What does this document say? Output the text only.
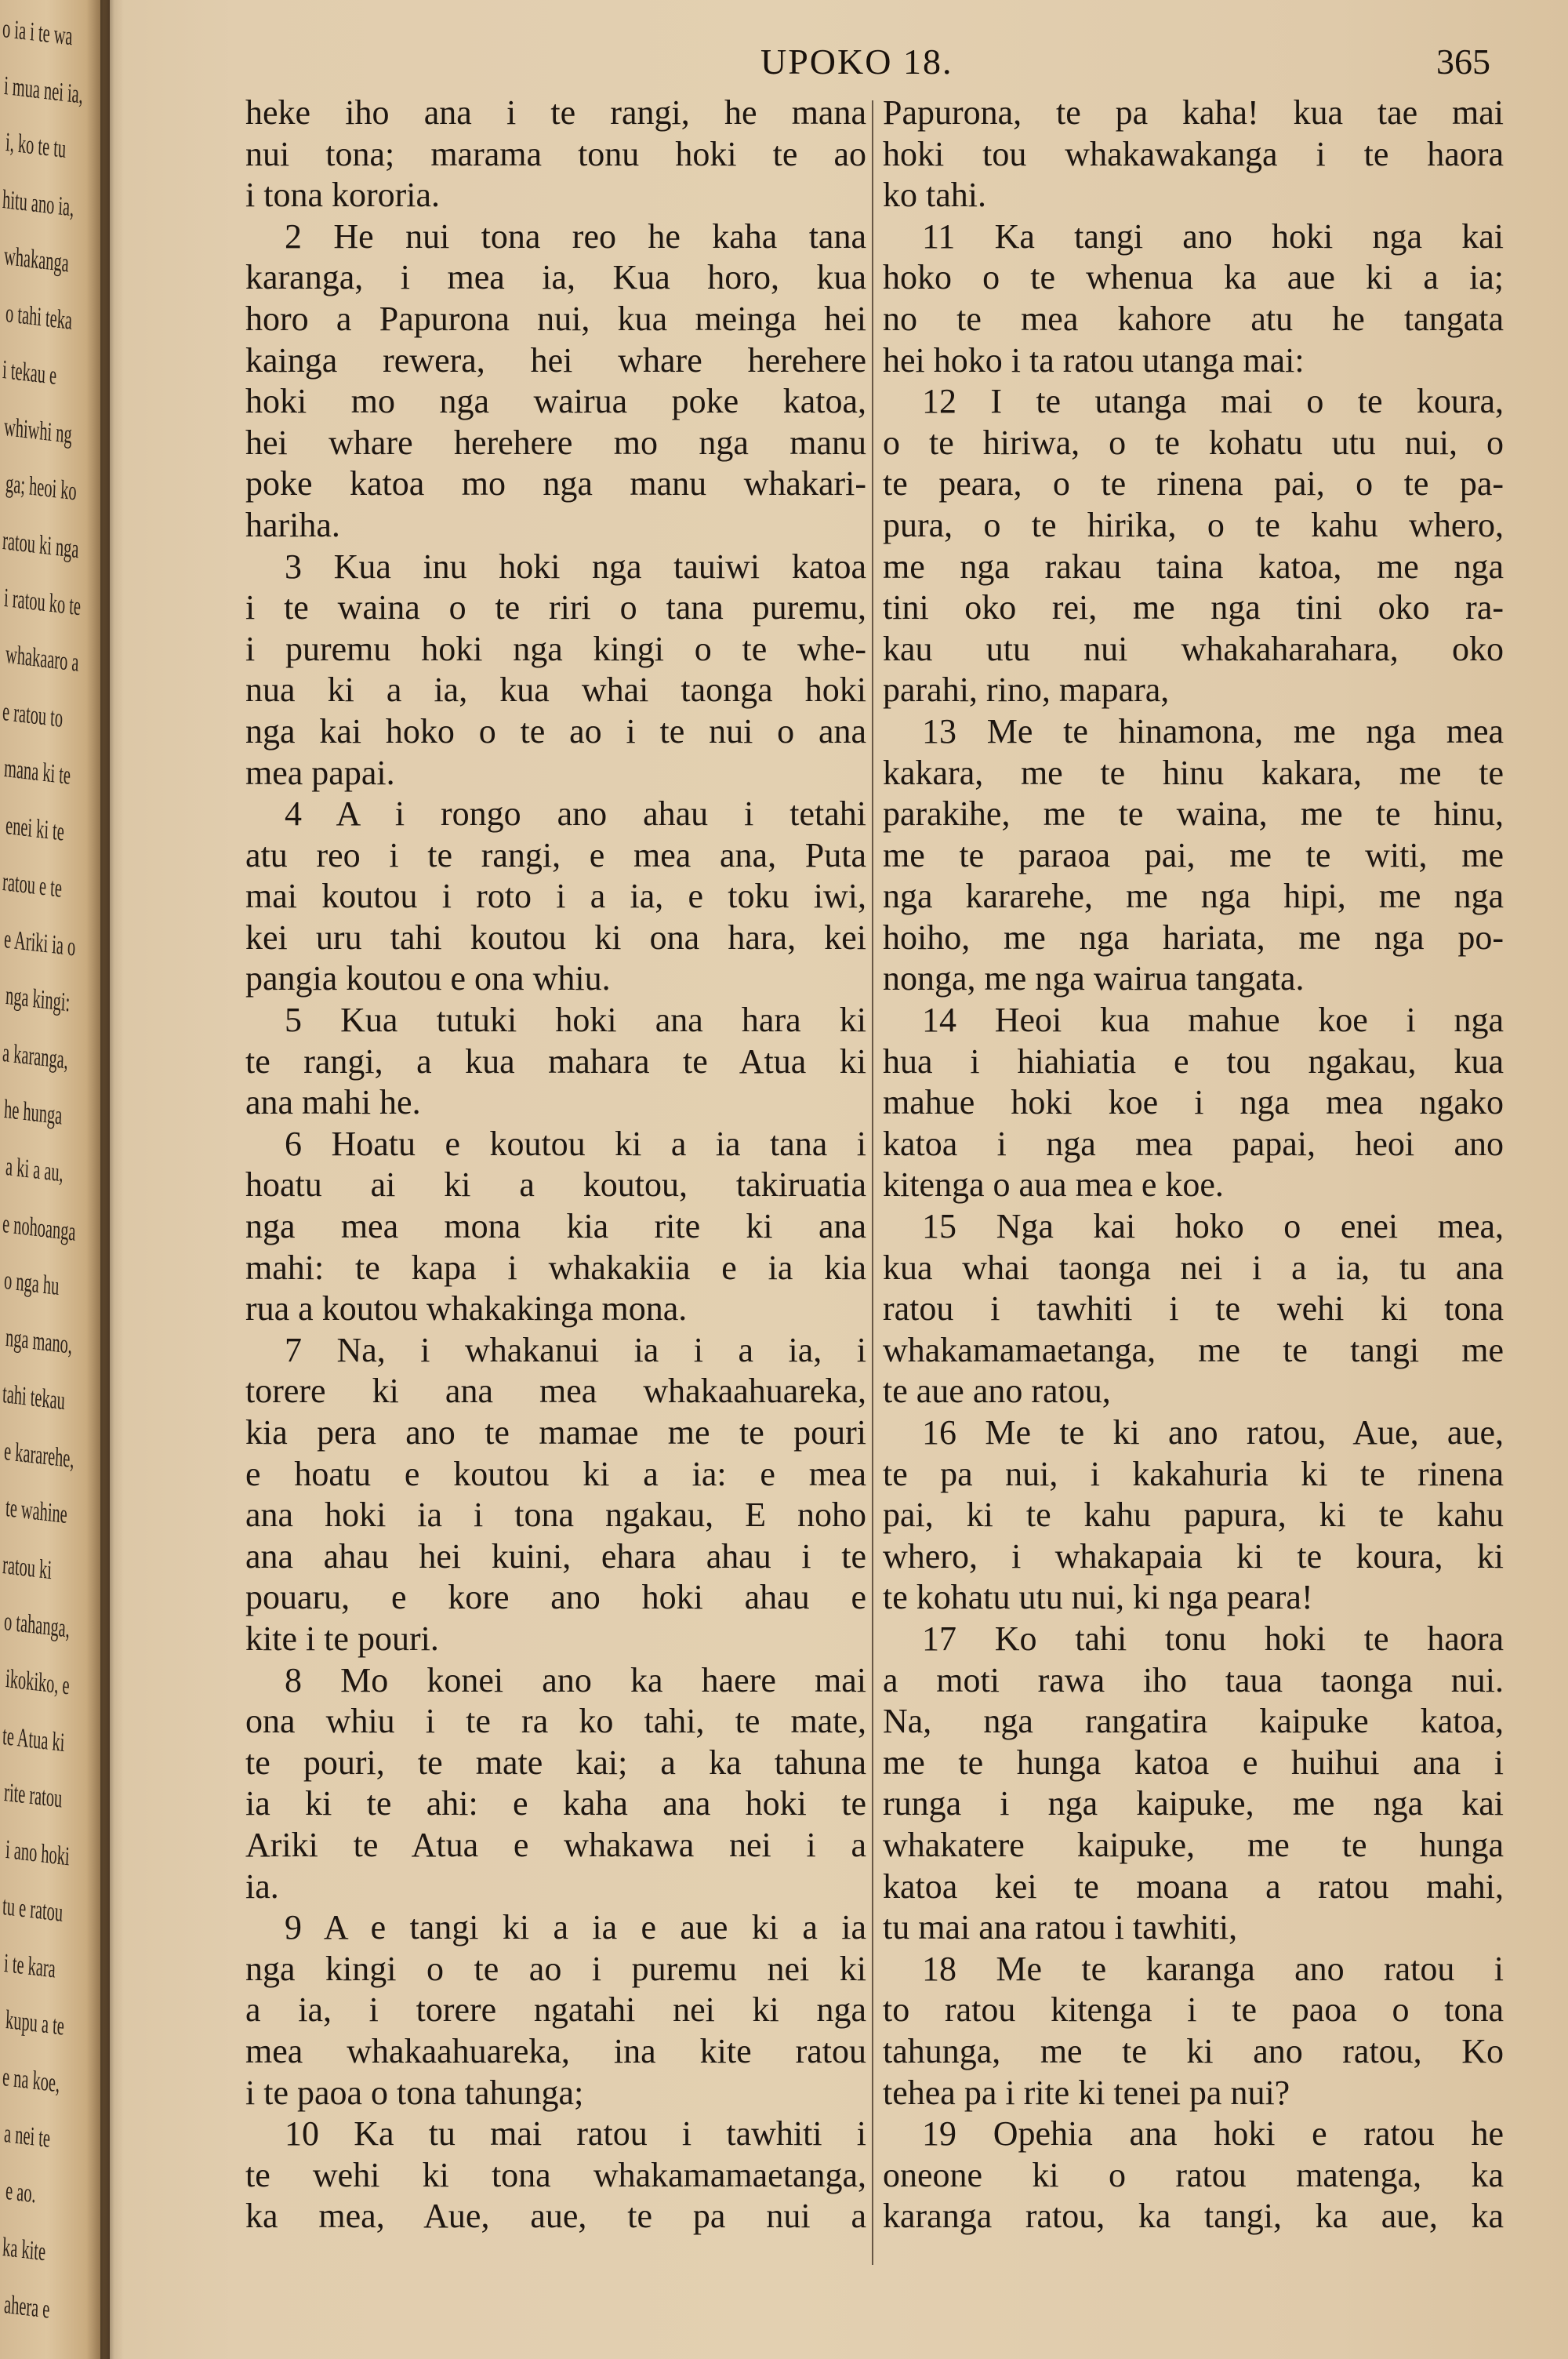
o ia i te wa
i mua nei ia,
i, ko te tu
hitu ano ia,
whakanga
o tahi teka
i tekau e
whiwhi ng
ga; heoi ko
ratou ki nga
i ratou ko te
whakaaro a
e ratou to
mana ki te
enei ki te
ratou e te
e Ariki ia o
nga kingi:
a karanga,
he hunga
a ki a au,
e nohoanga
o nga hu
nga mano,
tahi tekau
e kararehe,
te wahine
ratou ki
o tahanga,
ikokiko, e
te Atua ki
rite ratou
i ano hoki
tu e ratou
i te kara
kupu a te
e na koe,
a nei te
e ao.
ka kite
ahera e
UPOKO 18.	365
heke iho ana i te rangi, he mana
nui tona; marama tonu hoki te ao
i tona kororia.
2 He nui tona reo he kaha tana
karanga, i mea ia, Kua horo, kua
horo a Papurona nui, kua meinga hei
kainga rewera, hei whare herehere
hoki mo nga wairua poke katoa,
hei whare herehere mo nga manu
poke katoa mo nga manu whakari-
hariha.
3 Kua inu hoki nga tauiwi katoa
i te waina o te riri o tana puremu,
i puremu hoki nga kingi o te whe-
nua ki a ia, kua whai taonga hoki
nga kai hoko o te ao i te nui o ana
mea papai.
4 A i rongo ano ahau i tetahi
atu reo i te rangi, e mea ana, Puta
mai koutou i roto i a ia, e toku iwi,
kei uru tahi koutou ki ona hara, kei
pangia koutou e ona whiu.
5 Kua tutuki hoki ana hara ki
te rangi, a kua mahara te Atua ki
ana mahi he.
6 Hoatu e koutou ki a ia tana i
hoatu ai ki a koutou, takiruatia
nga mea mona kia rite ki ana
mahi: te kapa i whakakiia e ia kia
rua a koutou whakakinga mona.
7 Na, i whakanui ia i a ia, i
torere ki ana mea whakaahuareka,
kia pera ano te mamae me te pouri
e hoatu e koutou ki a ia: e mea
ana hoki ia i tona ngakau, E noho
ana ahau hei kuini, ehara ahau i te
pouaru, e kore ano hoki ahau e
kite i te pouri.
8 Mo konei ano ka haere mai
ona whiu i te ra ko tahi, te mate,
te pouri, te mate kai; a ka tahuna
ia ki te ahi: e kaha ana hoki te
Ariki te Atua e whakawa nei i a
ia.
9 A e tangi ki a ia e aue ki a ia
nga kingi o te ao i puremu nei ki
a ia, i torere ngatahi nei ki nga
mea whakaahuareka, ina kite ratou
i te paoa o tona tahunga;
10 Ka tu mai ratou i tawhiti i
te wehi ki tona whakamamaetanga,
ka mea, Aue, aue, te pa nui a
Papurona, te pa kaha! kua tae mai
hoki tou whakawakanga i te haora
ko tahi.
11 Ka tangi ano hoki nga kai
hoko o te whenua ka aue ki a ia;
no te mea kahore atu he tangata
hei hoko i ta ratou utanga mai:
12 I te utanga mai o te koura,
o te hiriwa, o te kohatu utu nui, o
te peara, o te rinena pai, o te pa-
pura, o te hirika, o te kahu whero,
me nga rakau taina katoa, me nga
tini oko rei, me nga tini oko ra-
kau utu nui whakaharahara, oko
parahi, rino, mapara,
13 Me te hinamona, me nga mea
kakara, me te hinu kakara, me te
parakihe, me te waina, me te hinu,
me te paraoa pai, me te witi, me
nga kararehe, me nga hipi, me nga
hoiho, me nga hariata, me nga po-
nonga, me nga wairua tangata.
14 Heoi kua mahue koe i nga
hua i hiahiatia e tou ngakau, kua
mahue hoki koe i nga mea ngako
katoa i nga mea papai, heoi ano
kitenga o aua mea e koe.
15 Nga kai hoko o enei mea,
kua whai taonga nei i a ia, tu ana
ratou i tawhiti i te wehi ki tona
whakamamaetanga, me te tangi me
te aue ano ratou,
16 Me te ki ano ratou, Aue, aue,
te pa nui, i kakahuria ki te rinena
pai, ki te kahu papura, ki te kahu
whero, i whakapaia ki te koura, ki
te kohatu utu nui, ki nga peara!
17 Ko tahi tonu hoki te haora
a moti rawa iho taua taonga nui.
Na, nga rangatira kaipuke katoa,
me te hunga katoa e huihui ana i
runga i nga kaipuke, me nga kai
whakatere kaipuke, me te hunga
katoa kei te moana a ratou mahi,
tu mai ana ratou i tawhiti,
18 Me te karanga ano ratou i
to ratou kitenga i te paoa o tona
tahunga, me te ki ano ratou, Ko
tehea pa i rite ki tenei pa nui?
19 Opehia ana hoki e ratou he
oneone ki o ratou matenga, ka
karanga ratou, ka tangi, ka aue, ka
